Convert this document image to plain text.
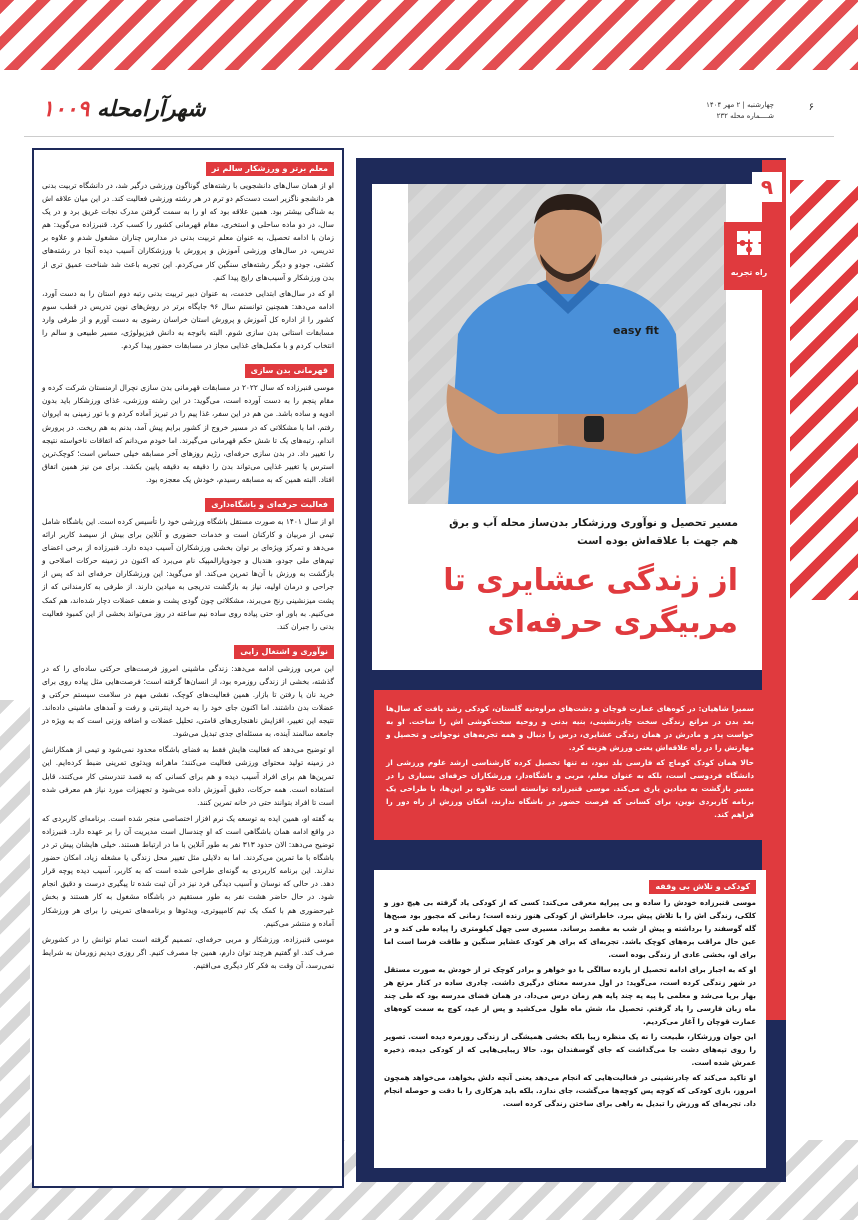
شهرآرامحله ۱۰۰۹	چهارشنبه | ۲ مهر ۱۴۰۴
شــــماره محله ۲۳۲
۶
معلم برتر و ورزشکار سالم تر

او از همان سال‌های دانشجویی با رشته‌های گوناگون ورزشی درگیر شد، در دانشگاه تربیت بدنی هر دانشجو ناگزیر است دست‌کم دو ترم در هر رشته ورزشی فعالیت کند. در این میان علاقه اش به شناگی بیشتر بود. همین علاقه بود که او را به سمت گرفتن مدرک نجات غریق برد و در یک سال، در دو ماده ساحلی و استخری، مقام قهرمانی کشور را کسب کرد. قنبرزاده می‌گوید: هم زمان با ادامه تحصیل، به عنوان معلم تربیت بدنی در مدارس چناران مشغول شدم و علاوه بر تدریس، در سال‌های ورزشی آموزش و پرورش با ورزشکاران آسیب دیده آنجا در رشته‌های کشتی، جودو و دیگر رشته‌های سنگین کار می‌کردم. این تجربه باعث شد شناخت عمیق تری از بدن ورزشکار و آسیب‌های رایج پیدا کنم.

او که در سال‌های ابتدایی خدمت، به عنوان دبیر تربیت بدنی رتبه دوم استان را به دست آورد، ادامه می‌دهد: همچنین توانستم سال ۹۶ جایگاه برتر در روش‌های نوین تدریس در قطب سوم کشور را از اداره کل آموزش و پرورش استان خراسان رضوی به دست آورم و از طرفی وارد مسابقات استانی بدن سازی شوم. البته باتوجه به دانش فیزیولوژی، مسیر طبیعی و سالم را انتخاب کردم و با مکمل‌های غذایی مجاز در مسابقات حضور پیدا کردم.

قهرمانی بدن سازی

موسی قنبرزاده که سال ۲۰۲۲ در مسابقات قهرمانی بدن سازی نچرال ارمنستان شرکت کرده و مقام پنجم را به دست آورده است، می‌گوید: در این رشته ورزشی، غذای ورزشکار باید بدون ادویه و ساده باشد. من هم در این سفر، غذا پیم را در تبریز آماده کردم و با تور زمینی به ایروان رفتم، اما با مشکلاتی که در مسیر خروج از کشور برایم پیش آمد، بدنم به هم ریخت. در پرورش اندام، رتبه‌های یک تا شش حکم قهرمانی می‌گیرند. اما خودم می‌دانم که اتفاقات ناخواسته نتیجه را تغییر داد. در بدن سازی حرفه‌ای، رژیم روزهای آخر مسابقه خیلی حساس است؛ کوچک‌ترین استرس یا تغییر غذایی می‌تواند بدن را دقیقه به دقیقه پایین بکشد. برای من نیز همین اتفاق افتاد. البته همین که به مسابقه رسیدم، خودش یک معجزه بود.

فعالیت حرفه‌ای و باشگاه‌داری

او از سال ۱۴۰۱ به صورت مستقل باشگاه ورزشی خود را تأسیس کرده است. این باشگاه شامل تیمی از مربیان و کارکنان است و خدمات حضوری و آنلاین برای بیش از سیصد کاربر ارائه می‌دهد و تمرکز ویژه‌ای بر توان بخشی ورزشکاران آسیب دیده دارد. قنبرزاده از برخی اعضای تیم‌های ملی جودو، هندبال و جودوپارالمپیک نام می‌برد که اکنون در زمینه حرکات اصلاحی و بازگشت به ورزش با آن‌ها تمرین می‌کند. او می‌گوید: این ورزشکاران حرفه‌ای اند که پس از جراحی و درمان اولیه، نیاز به بازگشت تدریجی به میادین دارند. از طرفی به کارمندانی که از پشت میزنشینی رنج می‌برند، مشکلاتی چون گودی پشت و ضعف عضلات دچار شده‌اند، هم کمک می‌کنیم. به باور او، حتی پیاده روی ساده نیم ساعته در روز می‌تواند بخشی از این کمبود فعالیت بدنی را جبران کند.

نوآوری و اشتغال زایی

این مربی ورزشی ادامه می‌دهد: زندگی ماشینی امروز فرصت‌های حرکتی ساده‌ای را که در گذشته، بخشی از زندگی روزمره بود، از انسان‌ها گرفته است؛ فرصت‌هایی مثل پیاده روی برای خرید نان یا رفتن تا بازار. همین فعالیت‌های کوچک، نقشی مهم در سلامت سیستم حرکتی و عضلات بدن داشتند. اما اکنون جای خود را به خرید اینترنتی و رفت و آمدهای ماشینی داده‌اند. نتیجه این تغییر، افزایش ناهنجاری‌های قامتی، تحلیل عضلات و اضافه وزنی است که به ویژه در جامعه سالمند آینده، به مسئله‌ای جدی تبدیل می‌شود.

او توضیح می‌دهد که فعالیت هایش فقط به فضای باشگاه محدود نمی‌شود و تیمی از همکارانش در زمینه تولید محتوای ورزشی فعالیت می‌کنند؛ ماهرانه ویدئوی تمرینی ضبط کرده‌ایم. این تمرین‌ها هم برای افراد آسیب دیده و هم برای کسانی که به قصد تندرستی کار می‌کنند، قابل استفاده است. همه حرکات، دقیق آموزش داده می‌شود و تجهیزات مورد نیاز هم معرفی شده است تا افراد بتوانند حتی در خانه تمرین کنند.

به گفته او، همین ایده به توسعه یک نرم افزار اختصاصی منجر شده است. برنامه‌ای کاربردی که در واقع ادامه همان باشگاهی است که او چندسال است مدیریت آن را بر عهده دارد. قنبرزاده توضیح می‌دهد: الان حدود ۳۱۳ نفر به طور آنلاین با ما در ارتباط هستند. خیلی هایشان پیش تر در باشگاه با ما تمرین می‌کردند. اما به دلایلی مثل تغییر محل زندگی یا مشغله زیاد، امکان حضور ندارند. این برنامه کاربردی به گونه‌ای طراحی شده است که به کاربر، آسیب دیده پوچه قرار دهد. در حالی که نوسان و آسیب دیدگی فرد نیز در آن ثبت شده تا پیگیری درست و دقیق انجام شود. در حال حاضر هشت نفر به طور مستقیم در باشگاه مشغول به کار هستند و بخش غیرحضوری هم با کمک یک تیم کامپیوتری، ویدئوها و برنامه‌های تمرینی را برای هر ورزشکار آماده و منتشر می‌کنیم.

موسی قنبرزاده، ورزشکار و مربی حرفه‌ای، تصمیم گرفته است تمام توانش را در کشورش صرف کند. او گفتیم هرچند توان دارم، همین جا مصرف کنیم. اگر روزی دیدیم زورمان به شرایط نمی‌رسد، آن وقت به فکر کار دیگری می‌افتیم.

easy fit
مسیر تحصیل و نوآوری ورزشکار بدن‌ساز محله آب و برق هم جهت با علاقه‌اش بوده است
از زندگی عشایری تا مربیگری حرفه‌ای
۹
راه تجربه

سمیرا شاهیان: در کوه‌های عمارت قوچان و دشت‌های مراوه‌تپه گلستان، کودکی رشد یافت که سال‌ها بعد بدن در مراتع زندگی سخت چادرنشینی، بنیه بدنی و روحیه سخت‌کوشی اش را ساخت. او به خواست پدر و مادرش در همان زندگی عشایری، درس را دنبال و همه تجربه‌های نوجوانی و تحصیل و مهارتش را در راه علاقه‌اش یعنی ورزش هزینه کرد.

حالا همان کودک کوماچ که فارسی بلد نبود، نه تنها تحصیل کرده کارشناسی ارشد علوم ورزشی از دانشگاه فردوسی است، بلکه به عنوان معلم، مربی و باشگاه‌دار، ورزشکاران حرفه‌ای بسیاری را در مسیر بازگشت به میادین یاری می‌کند. موسی قنبرزاده توانسته است علاوه بر این‌ها، با طراحی یک برنامه کاربردی نوین، برای کسانی که فرصت حضور در باشگاه ندارند، امکان ورزش از راه دور را فراهم کند.

کودکی و تلاش بی وقفه

موسی قنبرزاده خودش را ساده و بی پیرایه معرفی می‌کند: کسی که از کودکی یاد گرفته بی هیچ دوز و کلکی، زندگی اش را با تلاش پیش ببرد. خاطراتش از کودکی هنوز زنده است؛ زمانی که مجبور بود صبح‌ها گله گوسفند را برداشته و پیش از شب به مقصد برساند. مسیری سی چهل کیلومتری را پیاده طی کند و در عین حال مراقب بره‌های کوچک باشد. تجربه‌ای که برای هر کودک عشایر سنگین و طاقت فرسا است اما برای او، بخشی عادی از زندگی بوده است.

او که به اجبار برای ادامه تحصیل از یازده سالگی با دو خواهر و برادر کوچک تر از خودش به صورت مستقل در شهر زندگی کرده است، می‌گوید: در اول مدرسه معنای درگیری داشت. چادری ساده در کنار مرتع هر بهار برپا می‌شد و معلمی با پیه یه چند پایه هم زمان درس می‌داد. در همان فضای مدرسه بود که طی چند ماه زبان فارسی را یاد گرفتم. تحصیل ما، شش ماه طول می‌کشید و پس از عید، کوچ به سمت کوه‌های عمارت قوچان را آغاز می‌کردیم.

این جوان ورزشکار، طبیعت را نه یک منظره زیبا بلکه بخشی همیشگی از زندگی روزمره دیده است. تصویر را روی تپه‌های دشت جا می‌گذاشت که جای گوسفندان بود. حالا زیبایی‌هایی که از کودکی دیده، ذخیره عمرش شده است.

او تاکید می‌کند که چادرنشینی در فعالیت‌هایی که انجام می‌دهد یعنی آنچه دلش بخواهد، می‌خواهد همچون امروز، بازی کودکی که کوچه پس کوچه‌ها می‌گشت، جای ندارد. بلکه باید هرکاری را با دقت و حوصله انجام داد. تجربه‌ای که ورزش را تبدیل به راهی برای ساختن زندگی کرده است.
